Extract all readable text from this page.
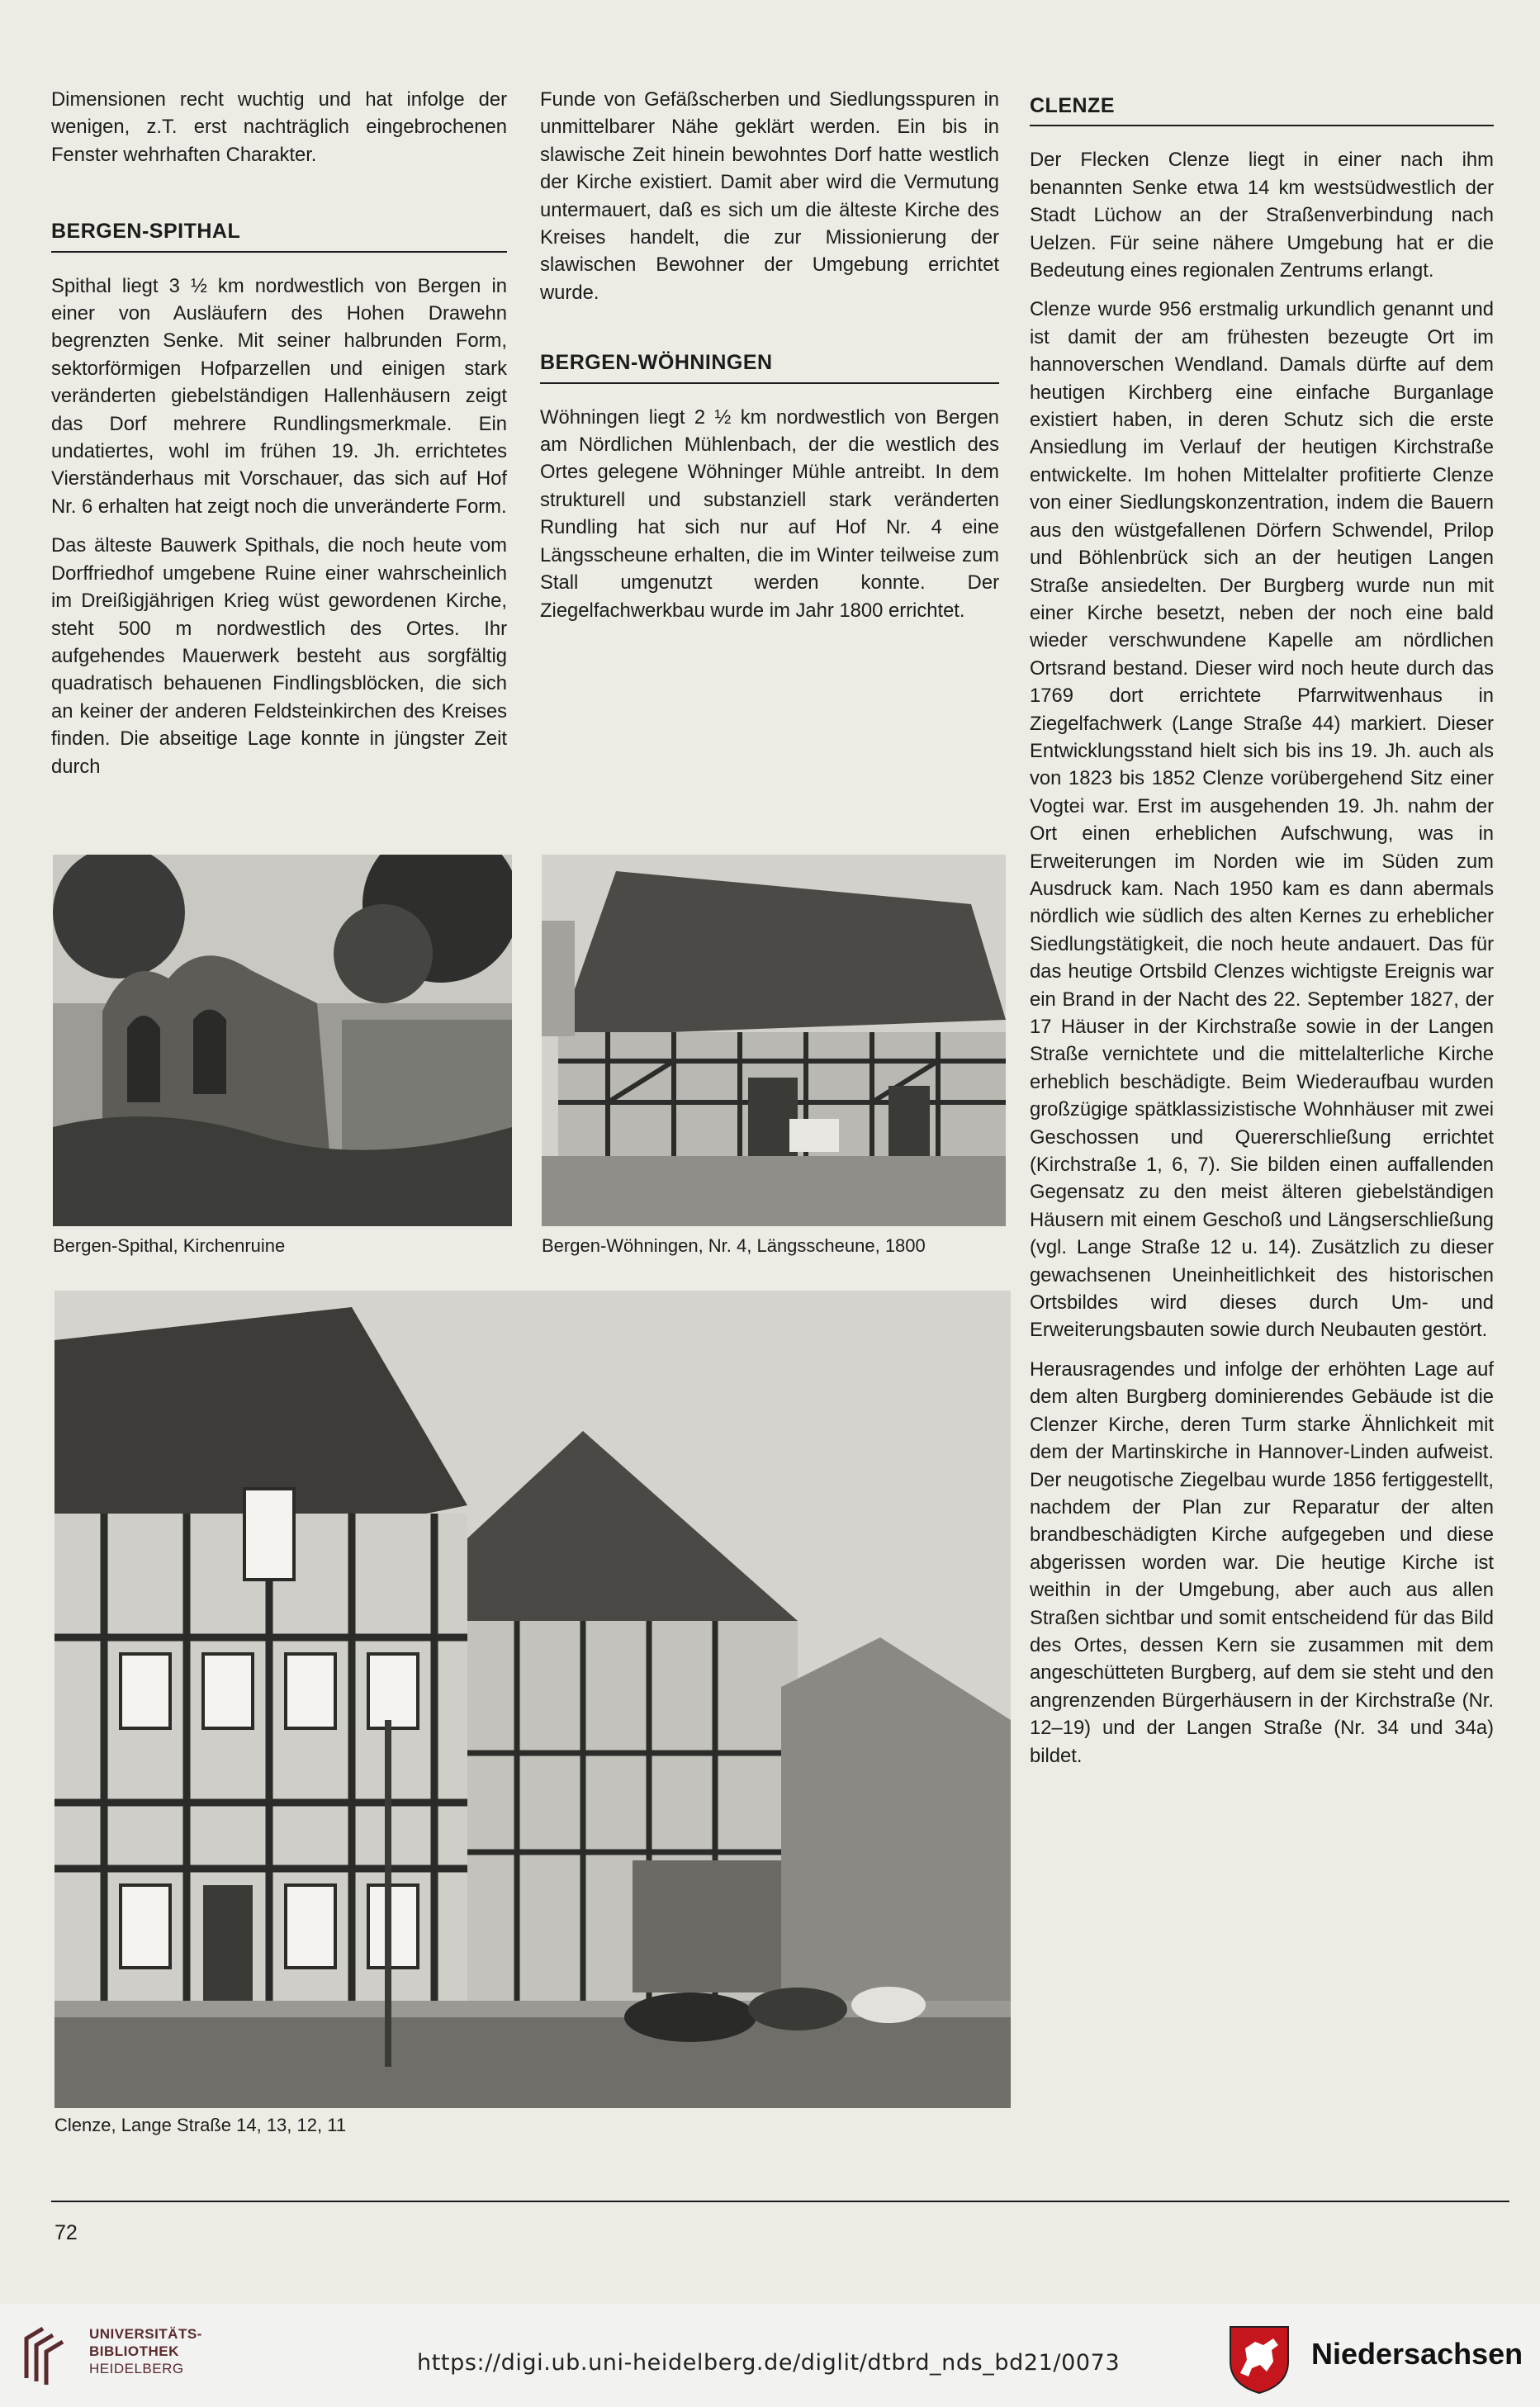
Dimensionen recht wuchtig und hat infolge der wenigen, z.T. erst nachträglich eingebrochenen Fenster wehrhaften Charakter.

BERGEN-SPITHAL

Spithal liegt 3 ½ km nordwestlich von Bergen in einer von Ausläufern des Hohen Drawehn begrenzten Senke. Mit seiner halbrunden Form, sektorförmigen Hofparzellen und einigen stark veränderten giebelständigen Hallenhäusern zeigt das Dorf mehrere Rundlingsmerkmale. Ein undatiertes, wohl im frühen 19. Jh. errichtetes Vierständerhaus mit Vorschauer, das sich auf Hof Nr. 6 erhalten hat zeigt noch die unveränderte Form.

Das älteste Bauwerk Spithals, die noch heute vom Dorffriedhof umgebene Ruine einer wahrscheinlich im Dreißigjährigen Krieg wüst gewordenen Kirche, steht 500 m nordwestlich des Ortes. Ihr aufgehendes Mauerwerk besteht aus sorgfältig quadratisch behauenen Findlingsblöcken, die sich an keiner der anderen Feldsteinkirchen des Kreises finden. Die abseitige Lage konnte in jüngster Zeit durch

Funde von Gefäßscherben und Siedlungsspuren in unmittelbarer Nähe geklärt werden. Ein bis in slawische Zeit hinein bewohntes Dorf hatte westlich der Kirche existiert. Damit aber wird die Vermutung untermauert, daß es sich um die älteste Kirche des Kreises handelt, die zur Missionierung der slawischen Bewohner der Umgebung errichtet wurde.

BERGEN-WÖHNINGEN

Wöhningen liegt 2 ½ km nordwestlich von Bergen am Nördlichen Mühlenbach, der die westlich des Ortes gelegene Wöhninger Mühle antreibt. In dem strukturell und substanziell stark veränderten Rundling hat sich nur auf Hof Nr. 4 eine Längsscheune erhalten, die im Winter teilweise zum Stall umgenutzt werden konnte. Der Ziegelfachwerkbau wurde im Jahr 1800 errichtet.

CLENZE

Der Flecken Clenze liegt in einer nach ihm benannten Senke etwa 14 km westsüdwestlich der Stadt Lüchow an der Straßenverbindung nach Uelzen. Für seine nähere Umgebung hat er die Bedeutung eines regionalen Zentrums erlangt.

Clenze wurde 956 erstmalig urkundlich genannt und ist damit der am frühesten bezeugte Ort im hannoverschen Wendland. Damals dürfte auf dem heutigen Kirchberg eine einfache Burganlage existiert haben, in deren Schutz sich die erste Ansiedlung im Verlauf der heutigen Kirchstraße entwickelte. Im hohen Mittelalter profitierte Clenze von einer Siedlungskonzentration, indem die Bauern aus den wüstgefallenen Dörfern Schwendel, Prilop und Böhlenbrück sich an der heutigen Langen Straße ansiedelten. Der Burgberg wurde nun mit einer Kirche besetzt, neben der noch eine bald wieder verschwundene Kapelle am nördlichen Ortsrand bestand. Dieser wird noch heute durch das 1769 dort errichtete Pfarrwitwenhaus in Ziegelfachwerk (Lange Straße 44) markiert. Dieser Entwicklungsstand hielt sich bis ins 19. Jh. auch als von 1823 bis 1852 Clenze vorübergehend Sitz einer Vogtei war. Erst im ausgehenden 19. Jh. nahm der Ort einen erheblichen Aufschwung, was in Erweiterungen im Norden wie im Süden zum Ausdruck kam. Nach 1950 kam es dann abermals nördlich wie südlich des alten Kernes zu erheblicher Siedlungstätigkeit, die noch heute andauert. Das für das heutige Ortsbild Clenzes wichtigste Ereignis war ein Brand in der Nacht des 22. September 1827, der 17 Häuser in der Kirchstraße sowie in der Langen Straße vernichtete und die mittelalterliche Kirche erheblich beschädigte. Beim Wiederaufbau wurden großzügige spätklassizistische Wohnhäuser mit zwei Geschossen und Quererschließung errichtet (Kirchstraße 1, 6, 7). Sie bilden einen auffallenden Gegensatz zu den meist älteren giebelständigen Häusern mit einem Geschoß und Längserschließung (vgl. Lange Straße 12 u. 14). Zusätzlich zu dieser gewachsenen Uneinheitlichkeit des historischen Ortsbildes wird dieses durch Um- und Erweiterungsbauten sowie durch Neubauten gestört.

Herausragendes und infolge der erhöhten Lage auf dem alten Burgberg dominierendes Gebäude ist die Clenzer Kirche, deren Turm starke Ähnlichkeit mit dem der Martinskirche in Hannover-Linden aufweist. Der neugotische Ziegelbau wurde 1856 fertiggestellt, nachdem der Plan zur Reparatur der alten brandbeschädigten Kirche aufgegeben und diese abgerissen worden war. Die heutige Kirche ist weithin in der Umgebung, aber auch aus allen Straßen sichtbar und somit entscheidend für das Bild des Ortes, dessen Kern sie zusammen mit dem angeschütteten Burgberg, auf dem sie steht und den angrenzenden Bürgerhäusern in der Kirchstraße (Nr. 12–19) und der Langen Straße (Nr. 34 und 34a) bildet.

Bergen-Spithal, Kirchenruine	Bergen-Wöhningen, Nr. 4, Längsscheune, 1800
Clenze, Lange Straße 14, 13, 12, 11
72
UNIVERSITÄTS-
BIBLIOTHEK
HEIDELBERG	https://digi.ub.uni-heidelberg.de/diglit/dtbrd_nds_bd21/0073	Niedersachsen
